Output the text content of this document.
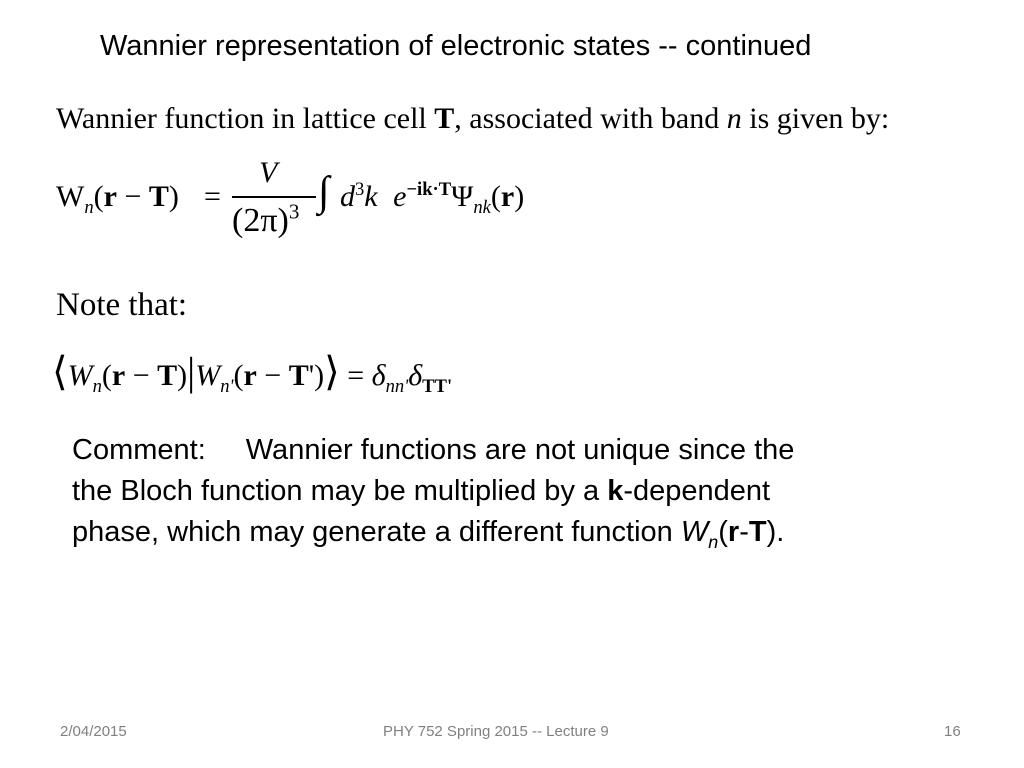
Wannier representation of electronic states -- continued
Wannier function in lattice cell T, associated with band n is given by:
$W_n(r - T)$ =
V
$(2\pi)^3$ ∫ $d^3k$ $e^{-ik\cdot T}\Psi_{nk}(r)$
Note that:
$⟨W_n(r - T)|W_{n'}(r$ − T')⟩ = $\delta_{nn'}\delta_{TT'}$
Comment: Wannier functions are not unique since the
the Bloch function may be multiplied by a k-dependent
phase, which may generate a different function $W_n(r-T)$.
2/04/2015	PHY 752 Spring 2015 -- Lecture 9	16
